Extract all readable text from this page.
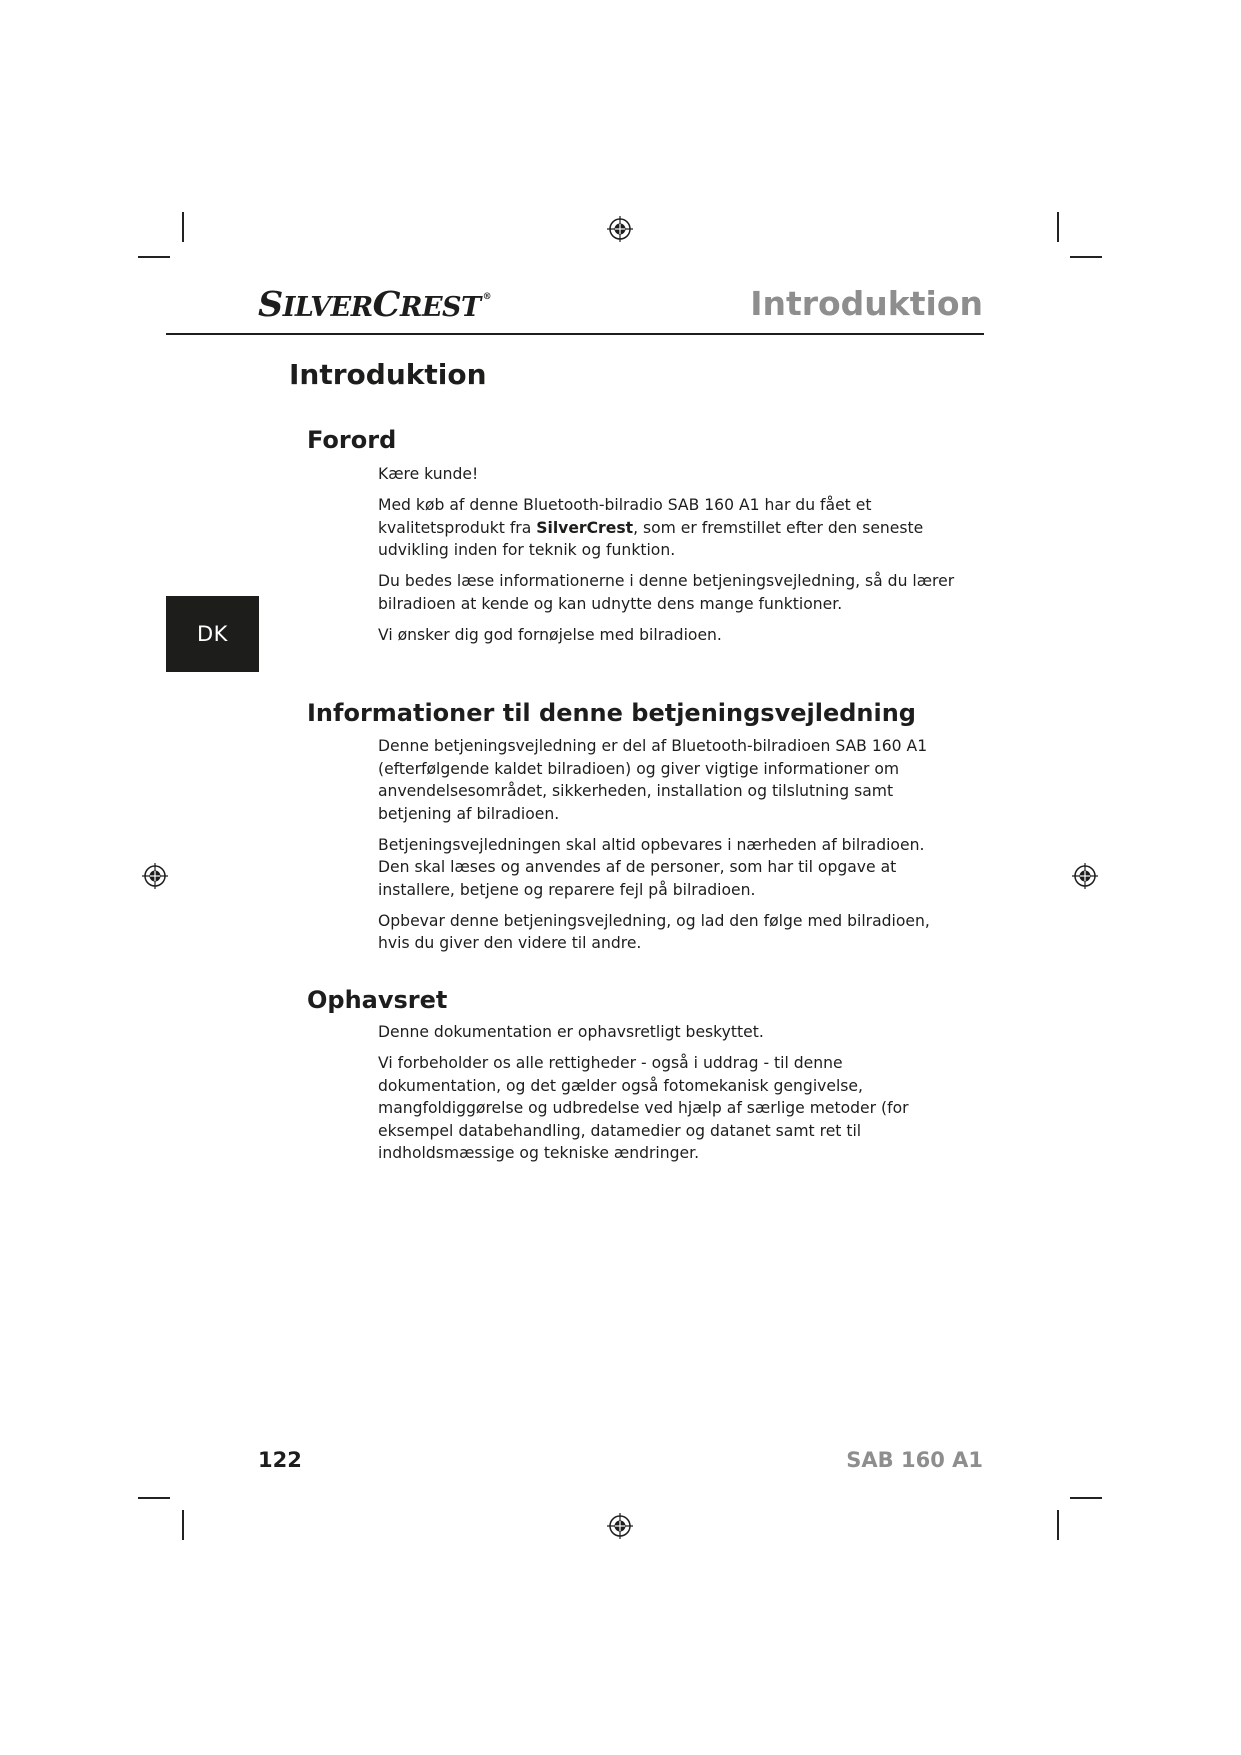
SILVERCREST ®	Introduktion
DK
Introduktion
Forord

Kære kunde!

Med køb af denne Bluetooth-bilradio SAB 160 A1 har du fået et kvalitetsprodukt fra SilverCrest, som er fremstillet efter den seneste udvikling inden for teknik og funktion.

Du bedes læse informationerne i denne betjeningsvejledning, så du lærer bilradioen at kende og kan udnytte dens mange funktioner.

Vi ønsker dig god fornøjelse med bilradioen.

Informationer til denne betjeningsvejledning

Denne betjeningsvejledning er del af Bluetooth-bilradioen SAB 160 A1 (efterfølgende kaldet bilradioen) og giver vigtige informationer om anvendelsesområdet, sikkerheden, installation og tilslutning samt betjening af bilradioen.

Betjeningsvejledningen skal altid opbevares i nærheden af bilradioen. Den skal læses og anvendes af de personer, som har til opgave at installere, betjene og reparere fejl på bilradioen.

Opbevar denne betjeningsvejledning, og lad den følge med bilradioen, hvis du giver den videre til andre.

Ophavsret

Denne dokumentation er ophavsretligt beskyttet.

Vi forbeholder os alle rettigheder - også i uddrag - til denne dokumentation, og det gælder også fotomekanisk gengivelse, mangfoldiggørelse og udbredelse ved hjælp af særlige metoder (for eksempel databehandling, datamedier og datanet samt ret til indholdsmæssige og tekniske ændringer.

122	SAB 160 A1
